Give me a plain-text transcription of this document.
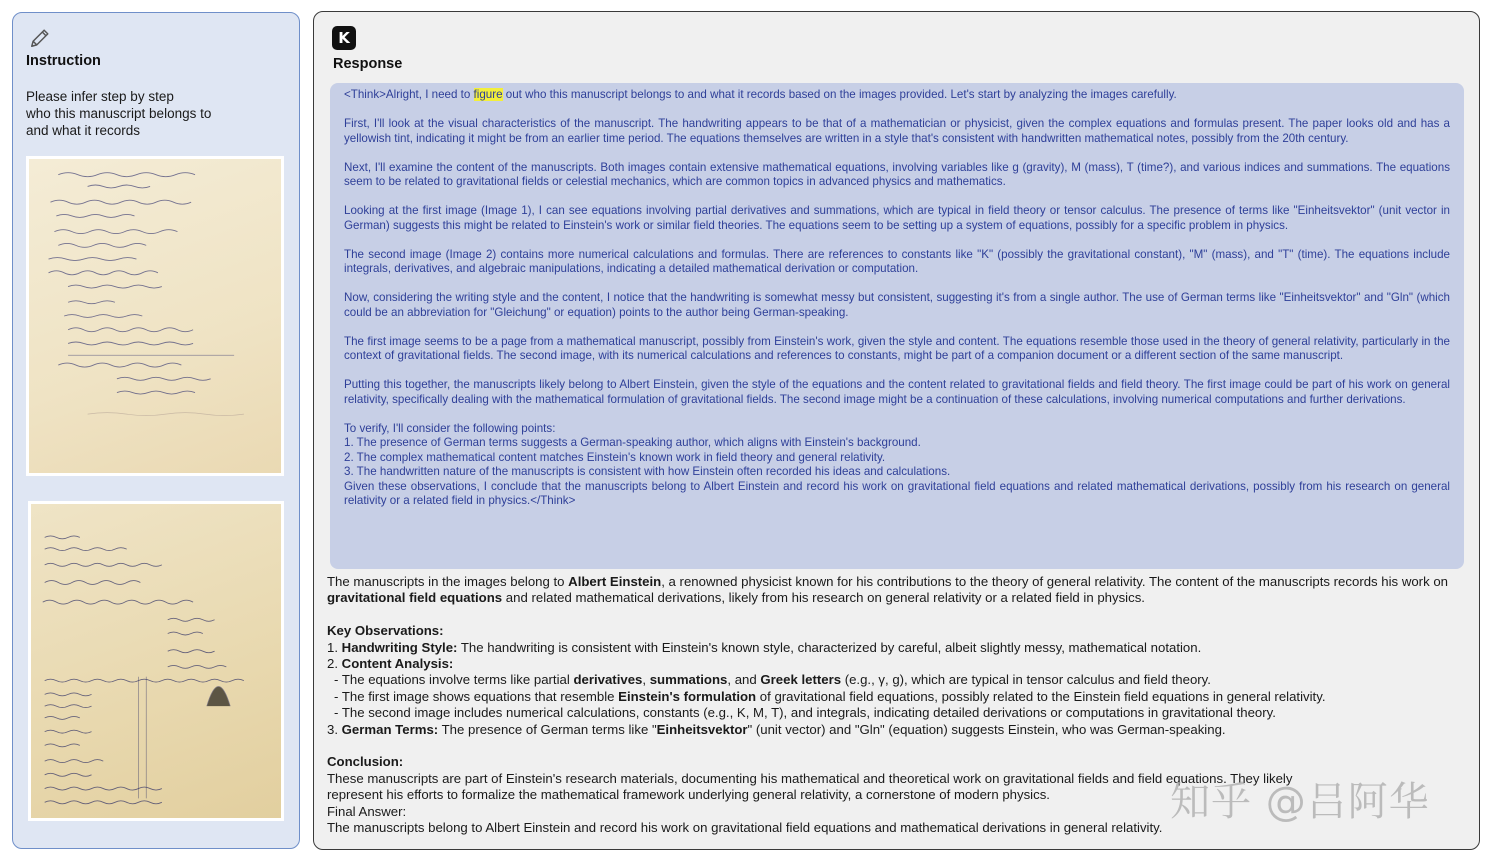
Instruction
Please infer step by step
who this manuscript belongs to
and what it records
K
Response

<Think>Alright, I need to figure out who this manuscript belongs to and what it records based on the images provided. Let's start by analyzing the images carefully.

First, I'll look at the visual characteristics of the manuscript. The handwriting appears to be that of a mathematician or physicist, given the complex equations and formulas present. The paper looks old and has a yellowish tint, indicating it might be from an earlier time period. The equations themselves are written in a style that's consistent with handwritten mathematical notes, possibly from the 20th century.

Next, I'll examine the content of the manuscripts. Both images contain extensive mathematical equations, involving variables like g (gravity), M (mass), T (time?), and various indices and summations. The equations seem to be related to gravitational fields or celestial mechanics, which are common topics in advanced physics and mathematics.

Looking at the first image (Image 1), I can see equations involving partial derivatives and summations, which are typical in field theory or tensor calculus. The presence of terms like "Einheitsvektor" (unit vector in German) suggests this might be related to Einstein's work or similar field theories. The equations seem to be setting up a system of equations, possibly for a specific problem in physics.

The second image (Image 2) contains more numerical calculations and formulas. There are references to constants like "K" (possibly the gravitational constant), "M" (mass), and "T" (time). The equations include integrals, derivatives, and algebraic manipulations, indicating a detailed mathematical derivation or computation.

Now, considering the writing style and the content, I notice that the handwriting is somewhat messy but consistent, suggesting it's from a single author. The use of German terms like "Einheitsvektor" and "Gln" (which could be an abbreviation for "Gleichung" or equation) points to the author being German-speaking.

The first image seems to be a page from a mathematical manuscript, possibly from Einstein's work, given the style and content. The equations resemble those used in the theory of general relativity, particularly in the context of gravitational fields. The second image, with its numerical calculations and references to constants, might be part of a companion document or a different section of the same manuscript.

Putting this together, the manuscripts likely belong to Albert Einstein, given the style of the equations and the content related to gravitational fields and field theory. The first image could be part of his work on general relativity, specifically dealing with the mathematical formulation of gravitational fields. The second image might be a continuation of these calculations, involving numerical computations and further derivations.

To verify, I'll consider the following points:

1. The presence of German terms suggests a German-speaking author, which aligns with Einstein's background.

2. The complex mathematical content matches Einstein's known work in field theory and general relativity.

3. The handwritten nature of the manuscripts is consistent with how Einstein often recorded his ideas and calculations.

Given these observations, I conclude that the manuscripts belong to Albert Einstein and record his work on gravitational field equations and related mathematical derivations, possibly from his research on general relativity or a related field in physics.</Think>

The manuscripts in the images belong to Albert Einstein, a renowned physicist known for his contributions to the theory of general relativity. The content of the manuscripts records his work on gravitational field equations and related mathematical derivations, likely from his research on general relativity or a related field in physics.
Key Observations:
1. Handwriting Style: The handwriting is consistent with Einstein's known style, characterized by careful, albeit slightly messy, mathematical notation.
2. Content Analysis:
- The equations involve terms like partial derivatives, summations, and Greek letters (e.g., γ, g), which are typical in tensor calculus and field theory.
- The first image shows equations that resemble Einstein's formulation of gravitational field equations, possibly related to the Einstein field equations in general relativity.
- The second image includes numerical calculations, constants (e.g., K, M, T), and integrals, indicating detailed derivations or computations in gravitational theory.
3. German Terms: The presence of German terms like "Einheitsvektor" (unit vector) and "Gln" (equation) suggests Einstein, who was German-speaking.
Conclusion:
These manuscripts are part of Einstein's research materials, documenting his mathematical and theoretical work on gravitational fields and field equations. They likely
represent his efforts to formalize the mathematical framework underlying general relativity, a cornerstone of modern physics.
Final Answer:
The manuscripts belong to Albert Einstein and record his work on gravitational field equations and mathematical derivations in general relativity.
知乎 @吕阿华
